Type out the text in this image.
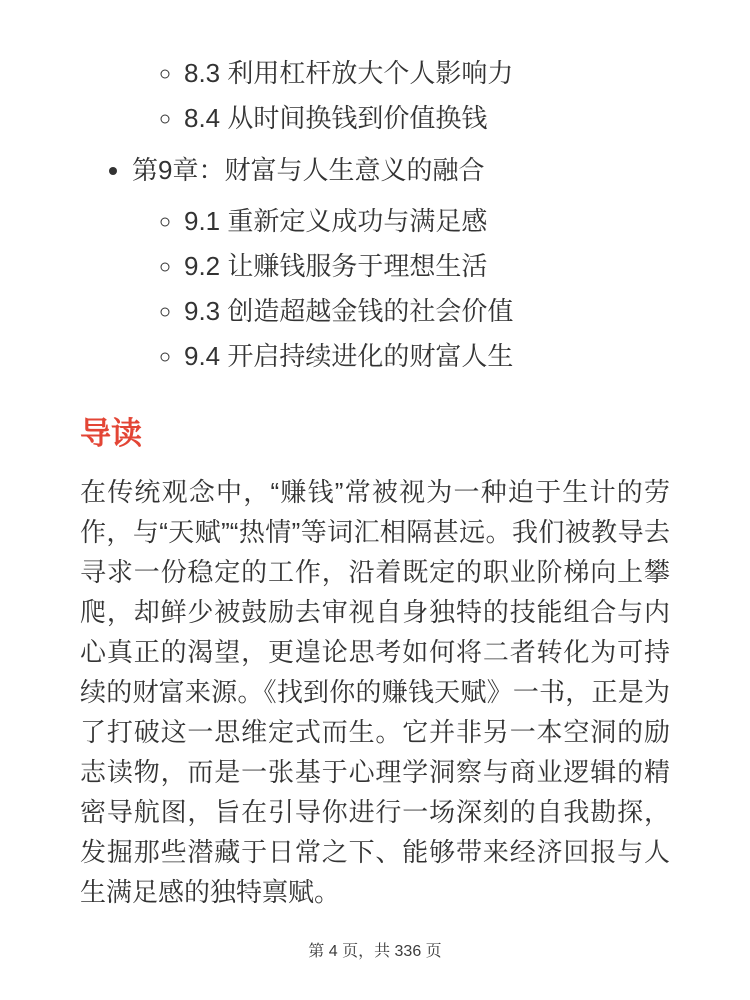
◦ 8.3 利用杠杆放大个人影响力
◦ 8.4 从时间换钱到价值换钱
• 第9章：财富与人生意义的融合
◦ 9.1 重新定义成功与满足感
◦ 9.2 让赚钱服务于理想生活
◦ 9.3 创造超越金钱的社会价值
◦ 9.4 开启持续进化的财富人生
导读

在传统观念中，“赚钱”常被视为一种迫于生计的劳作，与“天赋”“热情”等词汇相隔甚远。我们被教导去寻求一份稳定的工作，沿着既定的职业阶梯向上攀爬，却鲜少被鼓励去审视自身独特的技能组合与内心真正的渴望，更遑论思考如何将二者转化为可持续的财富来源。《找到你的赚钱天赋》一书，正是为了打破这一思维定式而生。它并非另一本空洞的励志读物，而是一张基于心理学洞察与商业逻辑的精密导航图，旨在引导你进行一场深刻的自我勘探，发掘那些潜藏于日常之下、能够带来经济回报与人生满足感的独特禀赋。

第 4 页，共 336 页
